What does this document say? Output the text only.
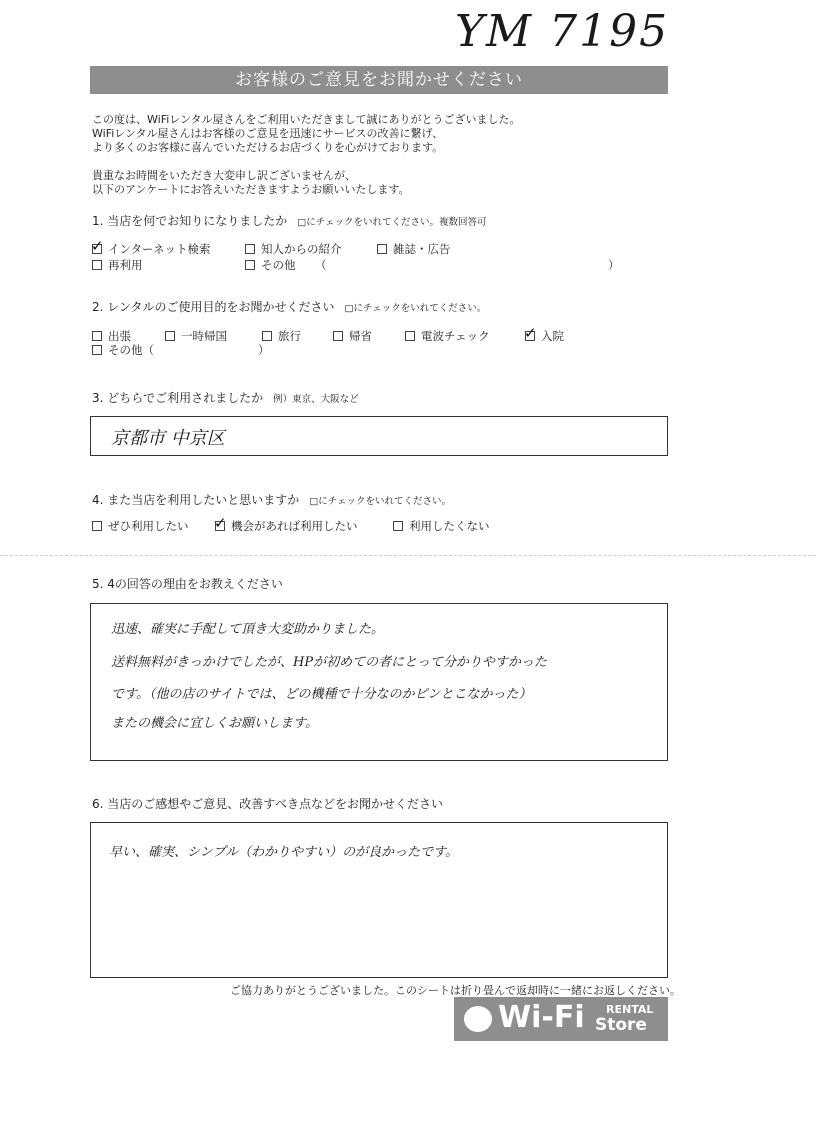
YM 7195
お客様のご意見をお聞かせください
この度は、WiFiレンタル屋さんをご利用いただきまして誠にありがとうございました。
WiFiレンタル屋さんはお客様のご意見を迅速にサービスの改善に繋げ、
より多くのお客様に喜んでいただけるお店づくりを心がけております。
貴重なお時間をいただき大変申し訳ございませんが、
以下のアンケートにお答えいただきますようお願いいたします。
1. 当店を何でお知りになりましたか □にチェックをいれてください。複数回答可
✓インターネット検索	知人からの紹介	雑誌・広告
再利用	その他 （	）
2. レンタルのご使用目的をお聞かせください □にチェックをいれてください。
出張	一時帰国	旅行	帰省	電波チェック ✓	入院
その他（	）
3. どちらでご利用されましたか 例）東京、大阪など
京都市 中京区
4. また当店を利用したいと思いますか □にチェックをいれてください。
ぜひ利用したい ✓	機会があれば利用したい	利用したくない
5. 4の回答の理由をお教えください
迅速、確実に手配して頂き大変助かりました。
送料無料がきっかけでしたが、HPが初めての者にとって分かりやすかった
です。（他の店のサイトでは、どの機種で十分なのかピンとこなかった）
またの機会に宜しくお願いします。
6. 当店のご感想やご意見、改善すべき点などをお聞かせください
早い、確実、シンプル（わかりやすい）のが良かったです。
ご協力ありがとうございました。このシートは折り畳んで返却時に一緒にお返しください。
Wi-Fi RENTAL
Store
